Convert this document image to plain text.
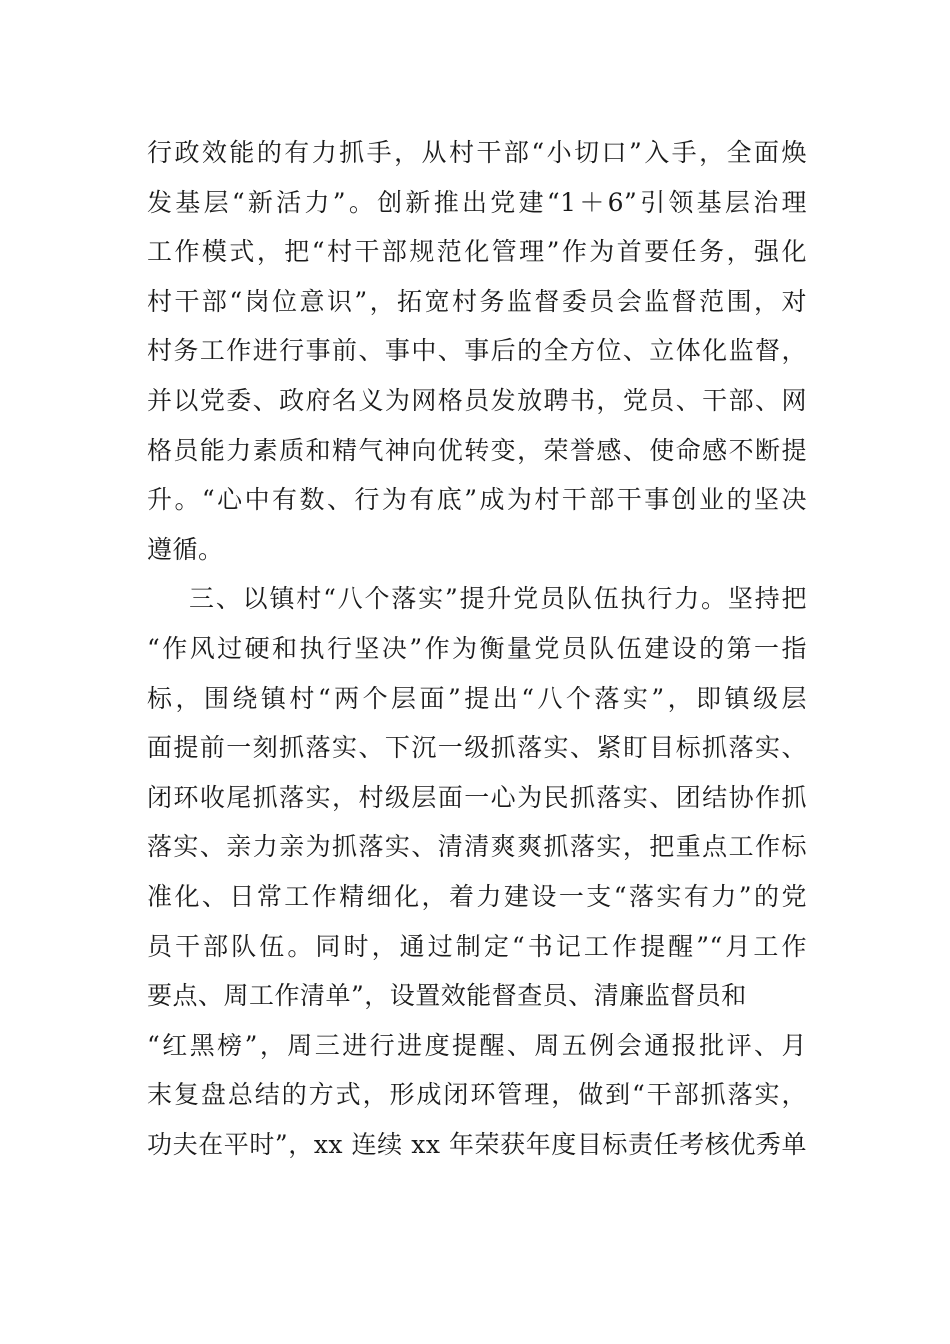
行政效能的有力抓手，从村干部“小切口”入手，全面焕
发基层“新活力”。创新推出党建“1＋6”引领基层治理
工作模式，把“村干部规范化管理”作为首要任务，强化
村干部“岗位意识”，拓宽村务监督委员会监督范围，对
村务工作进行事前、事中、事后的全方位、立体化监督，
并以党委、政府名义为网格员发放聘书，党员、干部、网
格员能力素质和精气神向优转变，荣誉感、使命感不断提
升。“心中有数、行为有底”成为村干部干事创业的坚决
遵循。
三、以镇村“八个落实”提升党员队伍执行力。坚持把
“作风过硬和执行坚决”作为衡量党员队伍建设的第一指
标，围绕镇村“两个层面”提出“八个落实”，即镇级层
面提前一刻抓落实、下沉一级抓落实、紧盯目标抓落实、
闭环收尾抓落实，村级层面一心为民抓落实、团结协作抓
落实、亲力亲为抓落实、清清爽爽抓落实，把重点工作标
准化、日常工作精细化，着力建设一支“落实有力”的党
员干部队伍。同时，通过制定“书记工作提醒”“月工作
要点、周工作清单”，设置效能督查员、清廉监督员和
“红黑榜”，周三进行进度提醒、周五例会通报批评、月
末复盘总结的方式，形成闭环管理，做到“干部抓落实，
功夫在平时”，xx 连续 xx 年荣获年度目标责任考核优秀单
